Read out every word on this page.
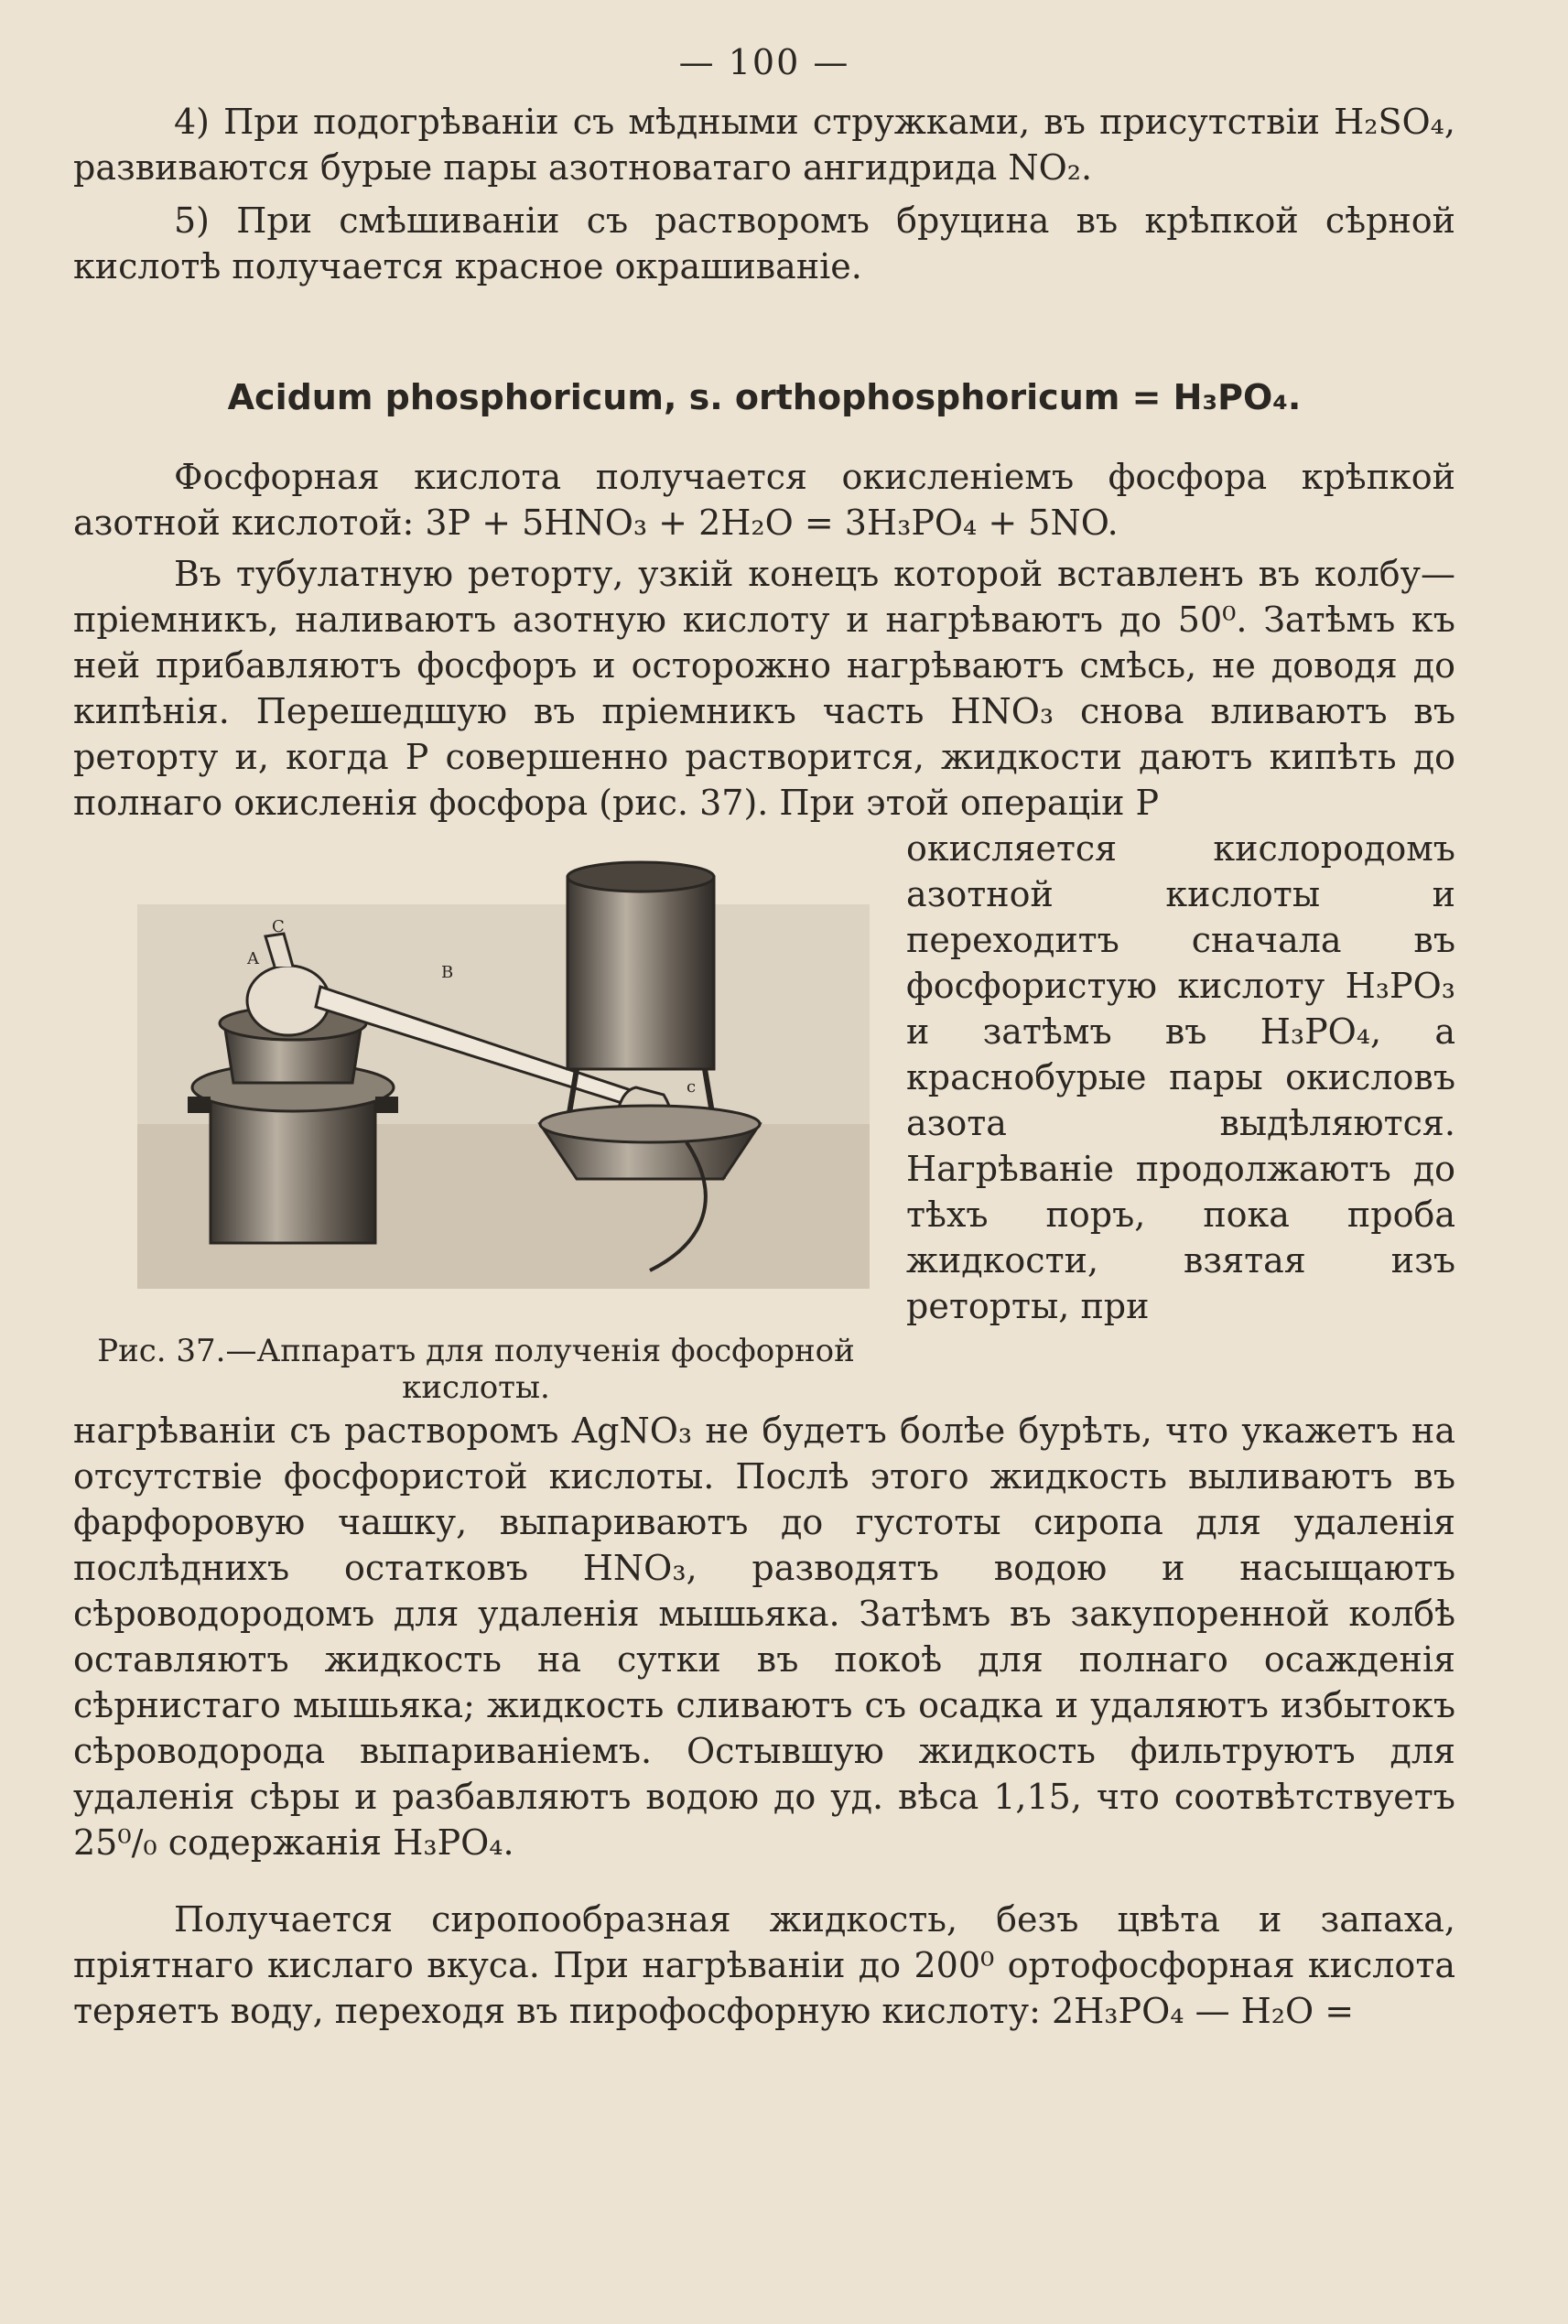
— 100 —

4) При подогрѣваніи съ мѣдными стружками, въ присутствіи H₂SO₄, развиваются бурые пары азотноватаго ангидрида NO₂.

5) При смѣшиваніи съ растворомъ бруцина въ крѣпкой сѣрной кислотѣ получается красное окрашиваніе.

Acidum phosphoricum, s. orthophosphoricum = H₃PO₄.

Фосфорная кислота получается окисленіемъ фосфора крѣпкой азотной кислотой: 3P + 5HNO₃ + 2H₂O = 3H₃PO₄ + 5NO.

Въ тубулатную реторту, узкій конецъ которой вставленъ въ колбу—пріемникъ, наливаютъ азотную кислоту и нагрѣваютъ до 50⁰. Затѣмъ къ ней прибавляютъ фосфоръ и осторожно нагрѣваютъ смѣсь, не доводя до кипѣнія. Перешедшую въ пріемникъ часть HNO₃ снова вливаютъ въ реторту и, когда P совершенно растворится, жидкости даютъ кипѣть до полнаго окисленія фосфора (рис. 37). При этой операціи P

A
B
C
c
Рис. 37.—Аппаратъ для полученія фосфорной кислоты.

окисляется кислородомъ азотной кислоты и переходитъ сначала въ фосфористую кислоту H₃PO₃ и затѣмъ въ H₃PO₄, а краснобурые пары окисловъ азота выдѣляются. Нагрѣваніе продолжаютъ до тѣхъ поръ, пока проба жидкости, взятая изъ реторты, при

нагрѣваніи съ растворомъ AgNO₃ не будетъ болѣе бурѣть, что укажетъ на отсутствіе фосфористой кислоты. Послѣ этого жидкость выливаютъ въ фарфоровую чашку, выпариваютъ до густоты сиропа для удаленія послѣднихъ остатковъ HNO₃, разводятъ водою и насыщаютъ сѣроводородомъ для удаленія мышьяка. Затѣмъ въ закупоренной колбѣ оставляютъ жидкость на сутки въ покоѣ для полнаго осажденія сѣрнистаго мышьяка; жидкость сливаютъ съ осадка и удаляютъ избытокъ сѣроводорода выпариваніемъ. Остывшую жидкость фильтруютъ для удаленія сѣры и разбавляютъ водою до уд. вѣса 1,15, что соотвѣтствуетъ 25⁰/₀ содержанія H₃PO₄.

Получается сиропообразная жидкость, безъ цвѣта и запаха, пріятнаго кислаго вкуса. При нагрѣваніи до 200⁰ ортофосфорная кислота теряетъ воду, переходя въ пирофосфорную кислоту: 2H₃PO₄ — H₂O =
